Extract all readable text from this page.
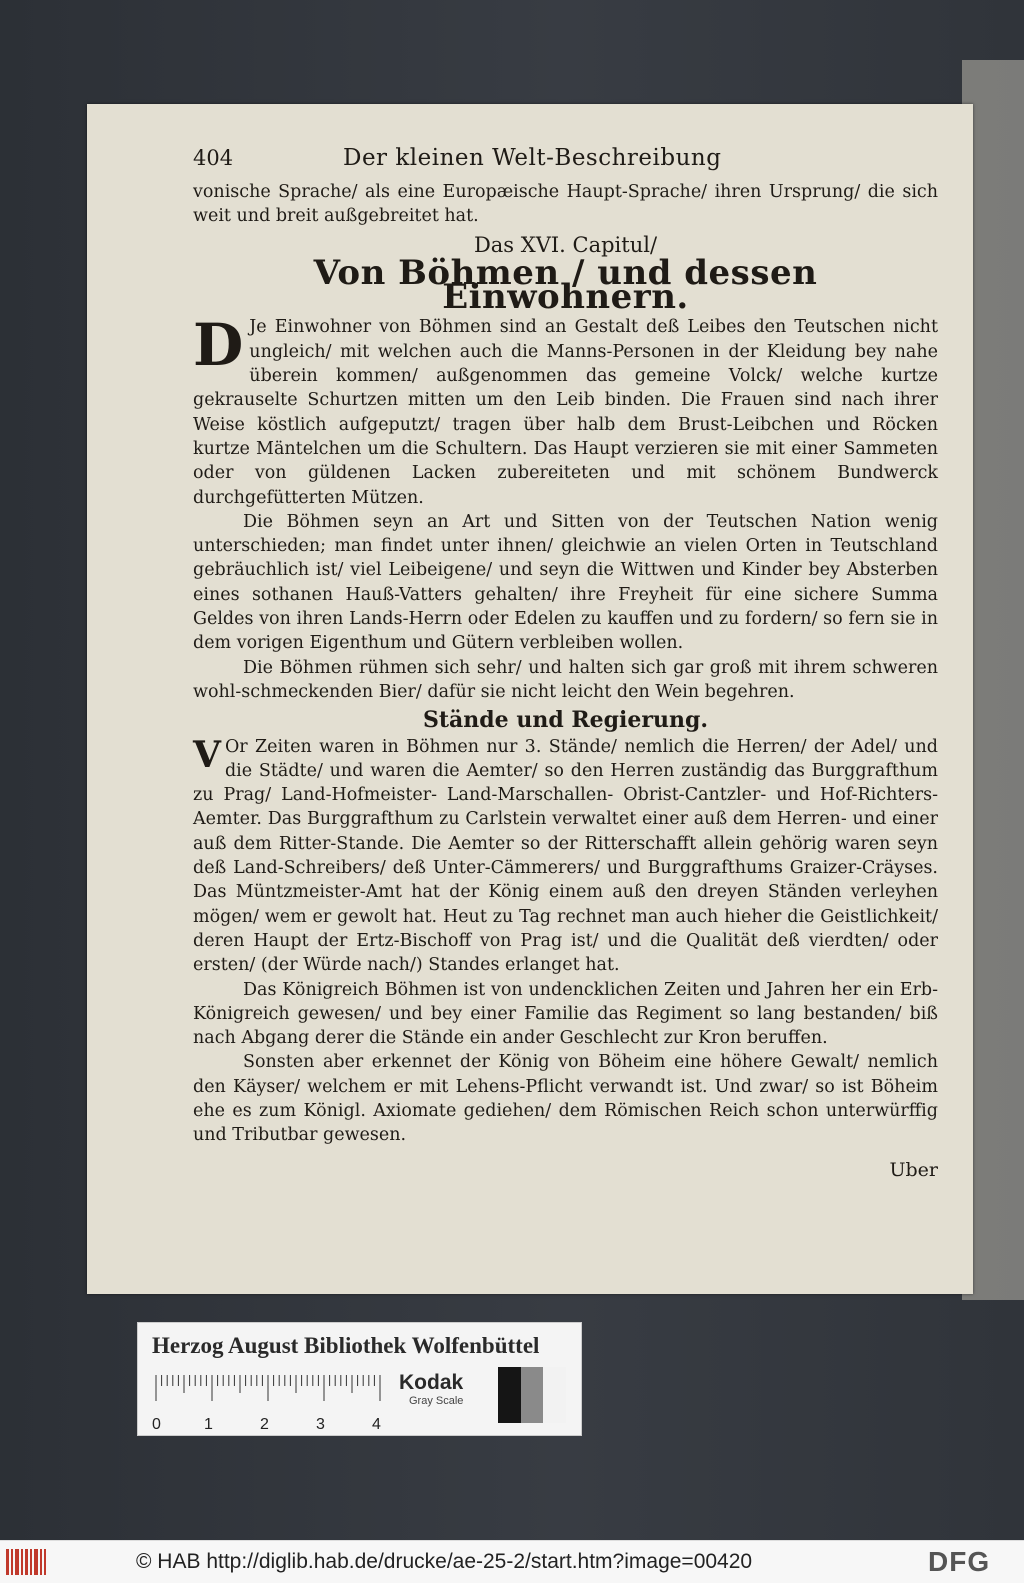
404	Der kleinen Welt-Beschreibung

vonische Sprache/ als eine Europæische Haupt-Sprache/ ihren Ursprung/ die sich weit und breit außgebreitet hat.

Das XVI. Capitul/
Von Böhmen / und dessen Einwohnern.

D Je Einwohner von Böhmen sind an Gestalt deß Leibes den Teutschen nicht ungleich/ mit welchen auch die Manns-Personen in der Kleidung bey nahe überein kommen/ außgenommen das gemeine Volck/ welche kurtze gekrauselte Schurtzen mitten um den Leib binden. Die Frauen sind nach ihrer Weise köstlich aufgeputzt/ tragen über halb dem Brust-Leibchen und Röcken kurtze Mäntelchen um die Schultern. Das Haupt verzieren sie mit einer Sammeten oder von güldenen Lacken zubereiteten und mit schönem Bundwerck durchgefütterten Mützen.

Die Böhmen seyn an Art und Sitten von der Teutschen Nation wenig unterschieden; man findet unter ihnen/ gleichwie an vielen Orten in Teutschland gebräuchlich ist/ viel Leibeigene/ und seyn die Wittwen und Kinder bey Absterben eines sothanen Hauß-Vatters gehalten/ ihre Freyheit für eine sichere Summa Geldes von ihren Lands-Herrn oder Edelen zu kauffen und zu fordern/ so fern sie in dem vorigen Eigenthum und Gütern verbleiben wollen.

Die Böhmen rühmen sich sehr/ und halten sich gar groß mit ihrem schweren wohl-schmeckenden Bier/ dafür sie nicht leicht den Wein begehren.

Stände und Regierung.

V Or Zeiten waren in Böhmen nur 3. Stände/ nemlich die Herren/ der Adel/ und die Städte/ und waren die Aemter/ so den Herren zuständig das Burggrafthum zu Prag/ Land-Hofmeister- Land-Marschallen- Obrist-Cantzler- und Hof-Richters-Aemter. Das Burggrafthum zu Carlstein verwaltet einer auß dem Herren- und einer auß dem Ritter-Stande. Die Aemter so der Ritterschafft allein gehörig waren seyn deß Land-Schreibers/ deß Unter-Cämmerers/ und Burggrafthums Graizer-Cräyses. Das Müntzmeister-Amt hat der König einem auß den dreyen Ständen verleyhen mögen/ wem er gewolt hat. Heut zu Tag rechnet man auch hieher die Geistlichkeit/ deren Haupt der Ertz-Bischoff von Prag ist/ und die Qualität deß vierdten/ oder ersten/ (der Würde nach/) Standes erlanget hat.

Das Königreich Böhmen ist von undencklichen Zeiten und Jahren her ein Erb-Königreich gewesen/ und bey einer Familie das Regiment so lang bestanden/ biß nach Abgang derer die Stände ein ander Geschlecht zur Kron beruffen.

Sonsten aber erkennet der König von Böheim eine höhere Gewalt/ nemlich den Käyser/ welchem er mit Lehens-Pflicht verwandt ist. Und zwar/ so ist Böheim ehe es zum Königl. Axiomate gediehen/ dem Römischen Reich schon unterwürffig und Tributbar gewesen.

Uber
Herzog August Bibliothek Wolfenbüttel
0	1	2	3	4
Kodak
Gray Scale
© HAB http://diglib.hab.de/drucke/ae-25-2/start.htm?image=00420	DFG
